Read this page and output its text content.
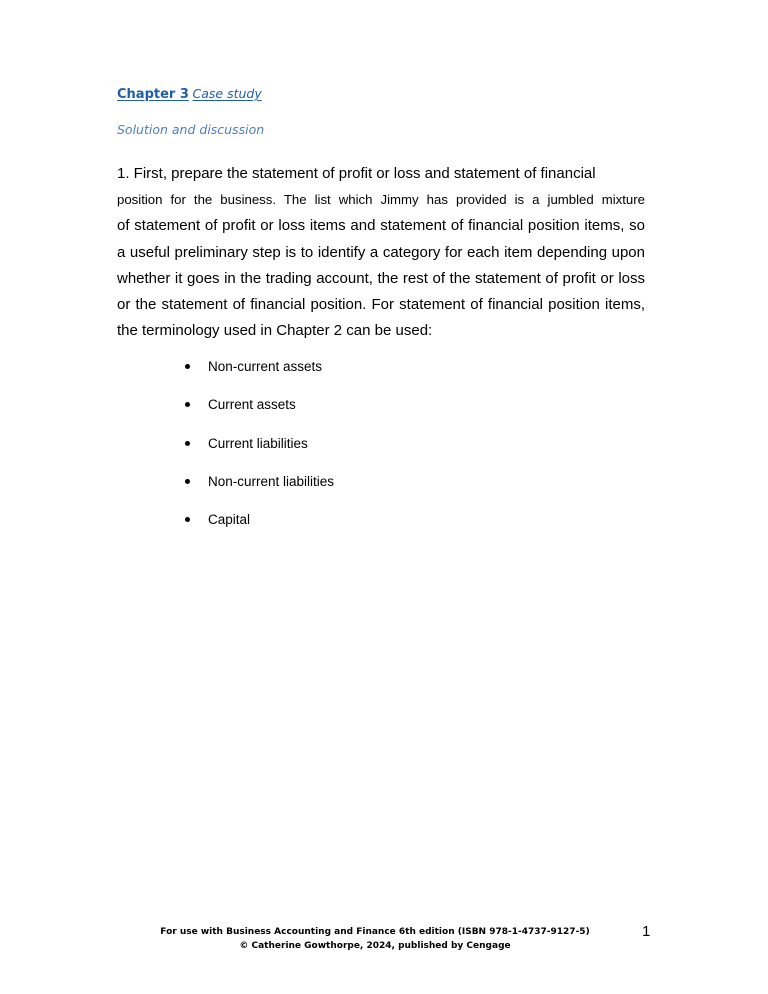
Chapter 3 Case study
Solution and discussion

1. First, prepare the statement of profit or loss and statement of financial
position for the business. The list which Jimmy has provided is a jumbled mixture
of statement of profit or loss items and statement of financial position items, so
a useful preliminary step is to identify a category for each item depending upon
whether it goes in the trading account, the rest of the statement of profit or loss
or the statement of financial position. For statement of financial position items,
the terminology used in Chapter 2 can be used:

Non-current assets
Current assets
Current liabilities
Non-current liabilities
Capital
For use with Business Accounting and Finance 6th edition (ISBN 978-1-4737-9127-5)
© Catherine Gowthorpe, 2024, published by Cengage
1
